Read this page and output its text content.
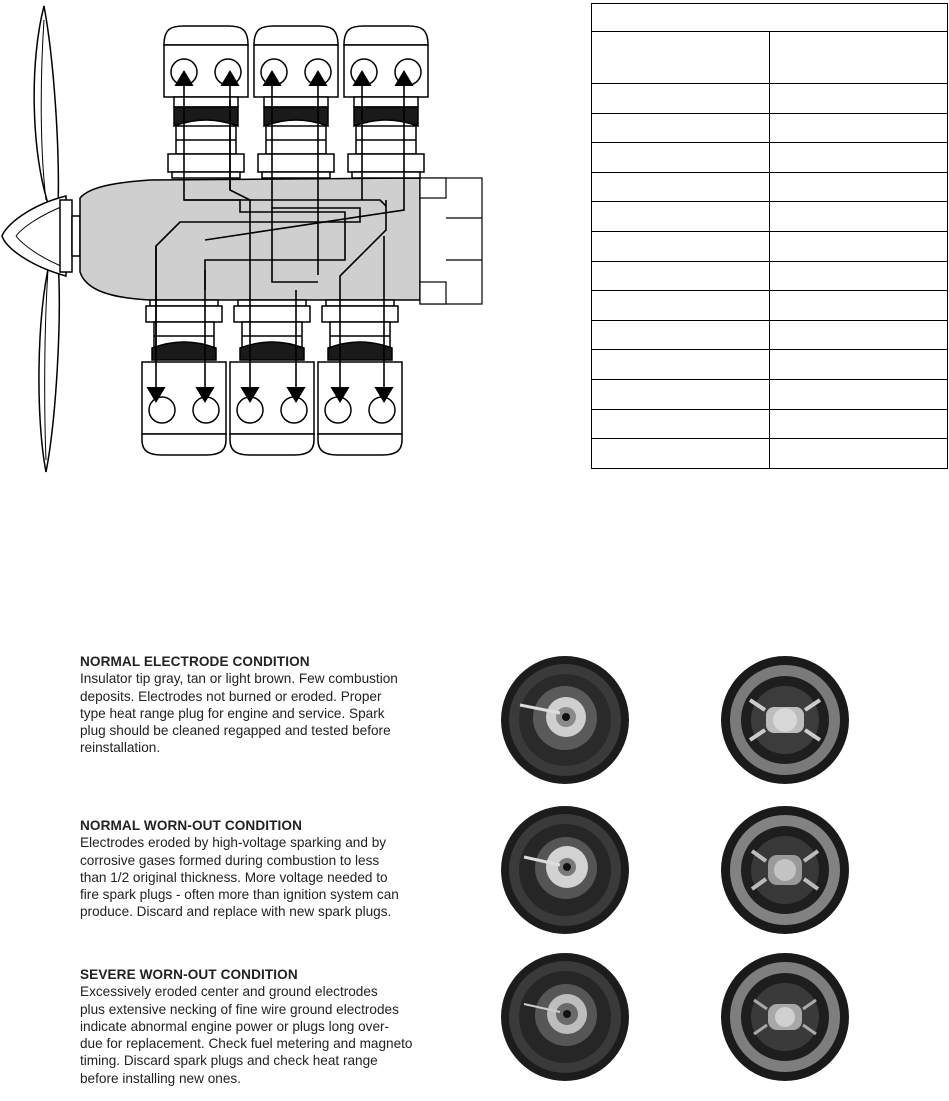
NORMAL ELECTRODE CONDITION

Insulator tip gray, tan or light brown. Few combustion

deposits. Electrodes not burned or eroded. Proper

type heat range plug for engine and service. Spark

plug should be cleaned regapped and tested before

reinstallation.

NORMAL WORN-OUT CONDITION

Electrodes eroded by high-voltage sparking and by

corrosive gases formed during combustion to less

than 1/2 original thickness. More voltage needed to

fire spark plugs - often more than ignition system can

produce. Discard and replace with new spark plugs.

SEVERE WORN-OUT CONDITION

Excessively eroded center and ground electrodes

plus extensive necking of fine wire ground electrodes

indicate abnormal engine power or plugs long over-

due for replacement. Check fuel metering and magneto

timing. Discard spark plugs and check heat range

before installing new ones.
